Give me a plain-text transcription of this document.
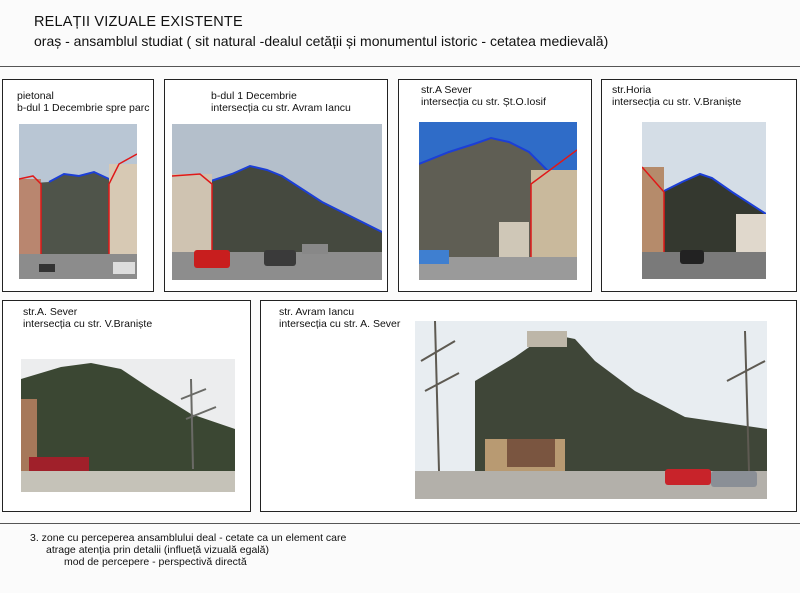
RELAȚII VIZUALE EXISTENTE
oraș - ansamblul studiat ( sit natural -dealul cetății și monumentul istoric - cetatea medievală)
pietonal
b-dul 1 Decembrie spre parc
b-dul 1 Decembrie
intersecția cu str. Avram Iancu
str.A Sever
intersecția cu str. Șt.O.Iosif
str.Horia
intersecția cu str. V.Braniște
str.A. Sever
intersecția cu str. V.Braniște
str. Avram Iancu
intersecția cu str. A. Sever
3. zone cu perceperea ansamblului deal - cetate ca un element care
atrage atenția prin detalii (influeță vizuală egală)
mod de percepere - perspectivă directă
